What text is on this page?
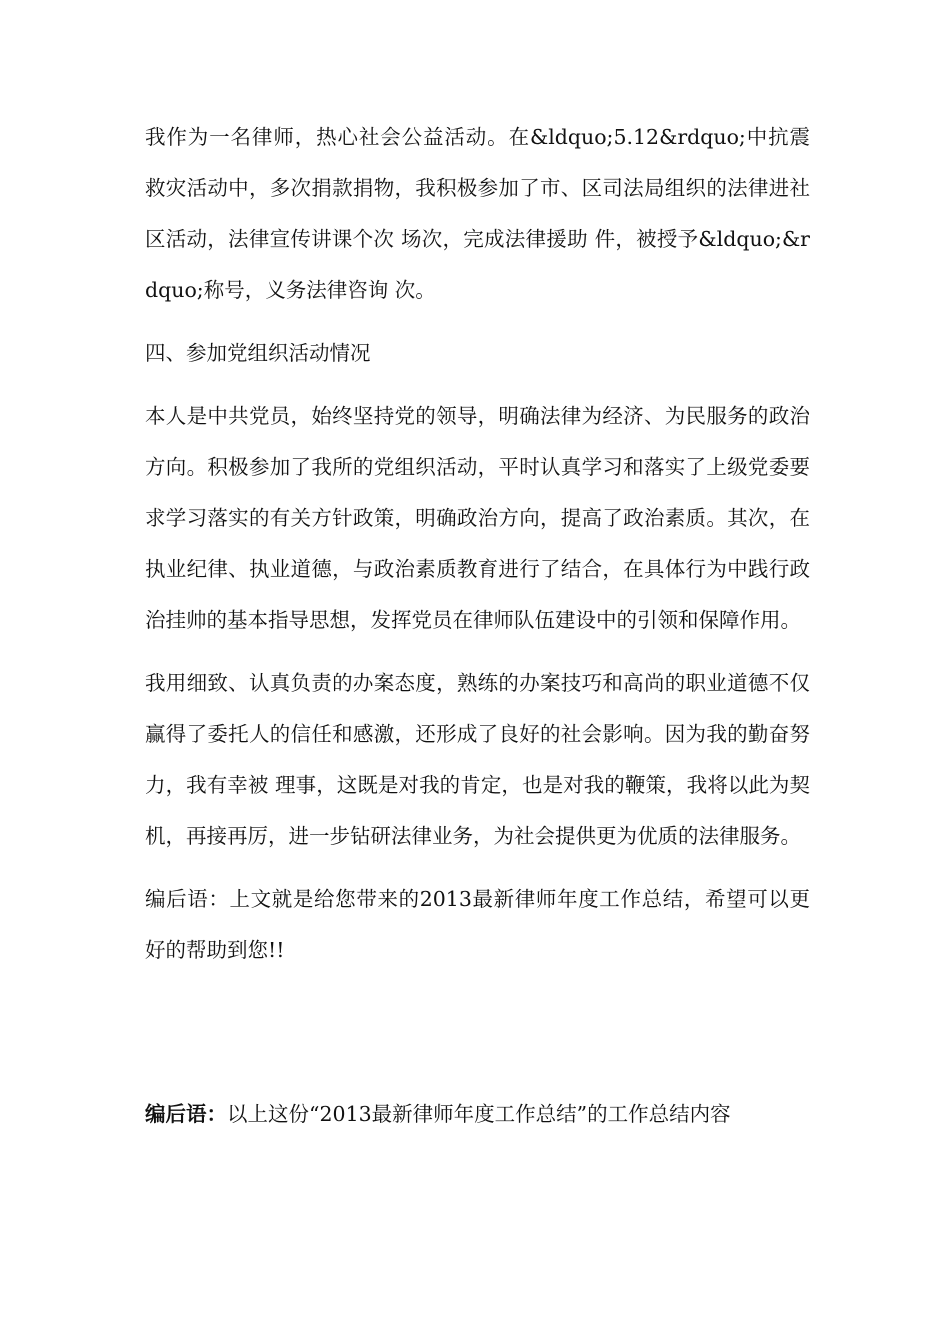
我作为一名律师，热心社会公益活动。在&ldquo;5.12&rdquo;中抗震救灾活动中，多次捐款捐物，我积极参加了市、区司法局组织的法律进社区活动，法律宣传讲课个次 场次，完成法律援助 件，被授予&ldquo;&rdquo;称号，义务法律咨询 次。

四、参加党组织活动情况

本人是中共党员，始终坚持党的领导，明确法律为经济、为民服务的政治方向。积极参加了我所的党组织活动，平时认真学习和落实了上级党委要求学习落实的有关方针政策，明确政治方向，提高了政治素质。其次，在执业纪律、执业道德，与政治素质教育进行了结合，在具体行为中践行政治挂帅的基本指导思想，发挥党员在律师队伍建设中的引领和保障作用。

我用细致、认真负责的办案态度，熟练的办案技巧和高尚的职业道德不仅赢得了委托人的信任和感激，还形成了良好的社会影响。因为我的勤奋努力，我有幸被 理事，这既是对我的肯定，也是对我的鞭策，我将以此为契机，再接再厉，进一步钻研法律业务，为社会提供更为优质的法律服务。

编后语：上文就是给您带来的2013最新律师年度工作总结，希望可以更好的帮助到您!!

编后语：以上这份“2013最新律师年度工作总结”的工作总结内容
